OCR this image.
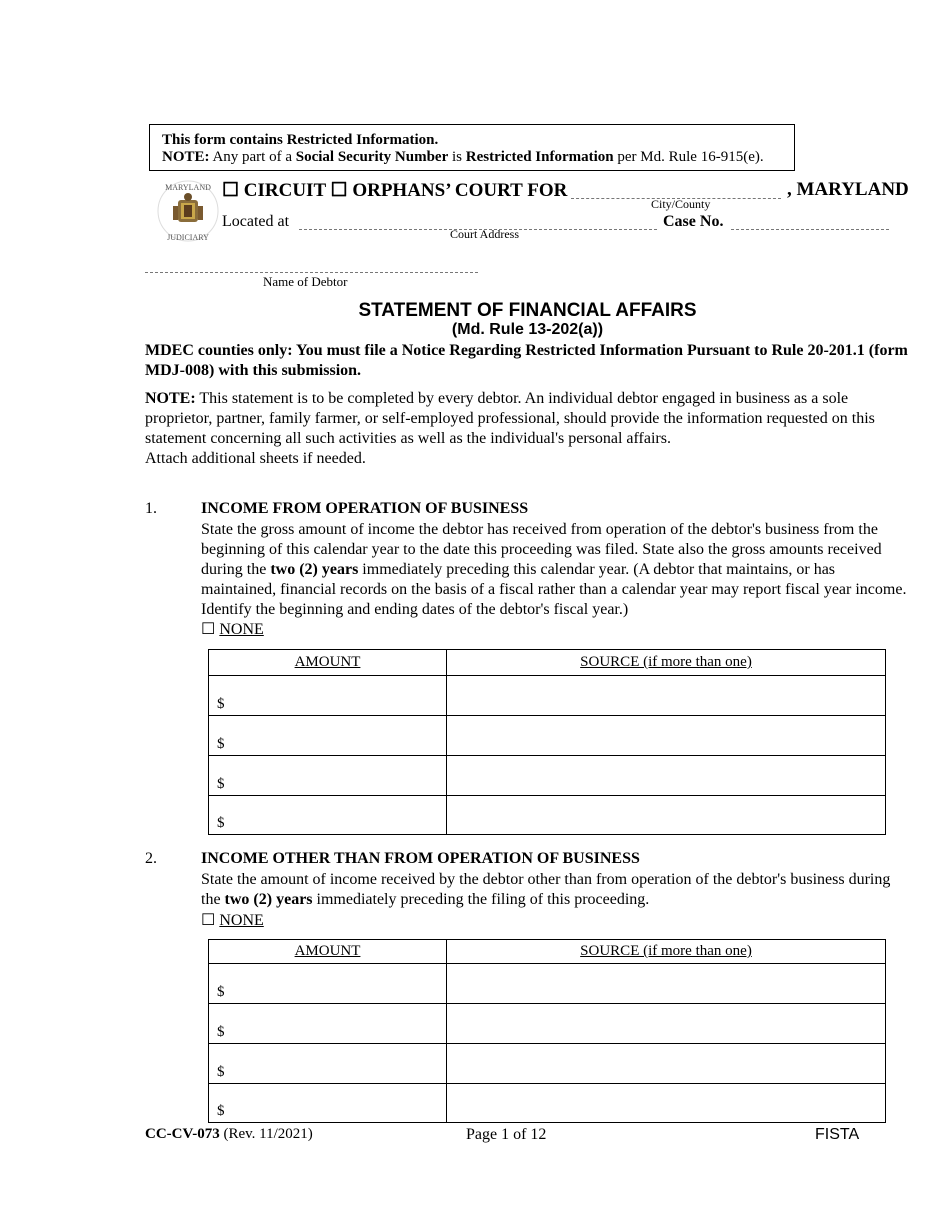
This form contains Restricted Information.
NOTE: Any part of a Social Security Number is Restricted Information per Md. Rule 16-915(e).
MARYLAND
JUDICIARY
☐ CIRCUIT ☐ ORPHANS’ COURT FOR
City/County
, MARYLAND
Located at
Court Address
Case No.
Name of Debtor
STATEMENT OF FINANCIAL AFFAIRS
(Md. Rule 13-202(a))
MDEC counties only: You must file a Notice Regarding Restricted Information Pursuant to Rule 20-201.1 (form MDJ-008) with this submission.
NOTE: This statement is to be completed by every debtor. An individual debtor engaged in business as a sole proprietor, partner, family farmer, or self-employed professional, should provide the information requested on this statement concerning all such activities as well as the individual's personal affairs.
Attach additional sheets if needed.
1.	INCOME FROM OPERATION OF BUSINESS
State the gross amount of income the debtor has received from operation of the debtor's business from the beginning of this calendar year to the date this proceeding was filed. State also the gross amounts received during the two (2) years immediately preceding this calendar year. (A debtor that maintains, or has maintained, financial records on the basis of a fiscal rather than a calendar year may report fiscal year income. Identify the beginning and ending dates of the debtor's fiscal year.)
☐ NONE
AMOUNT	SOURCE (if more than one)
$	
$	
$	
$	
2.	INCOME OTHER THAN FROM OPERATION OF BUSINESS
State the amount of income received by the debtor other than from operation of the debtor's business during the two (2) years immediately preceding the filing of this proceeding.
☐ NONE
AMOUNT	SOURCE (if more than one)
$	
$	
$	
$	
CC-CV-073 (Rev. 11/2021)	Page 1 of 12	FISTA
